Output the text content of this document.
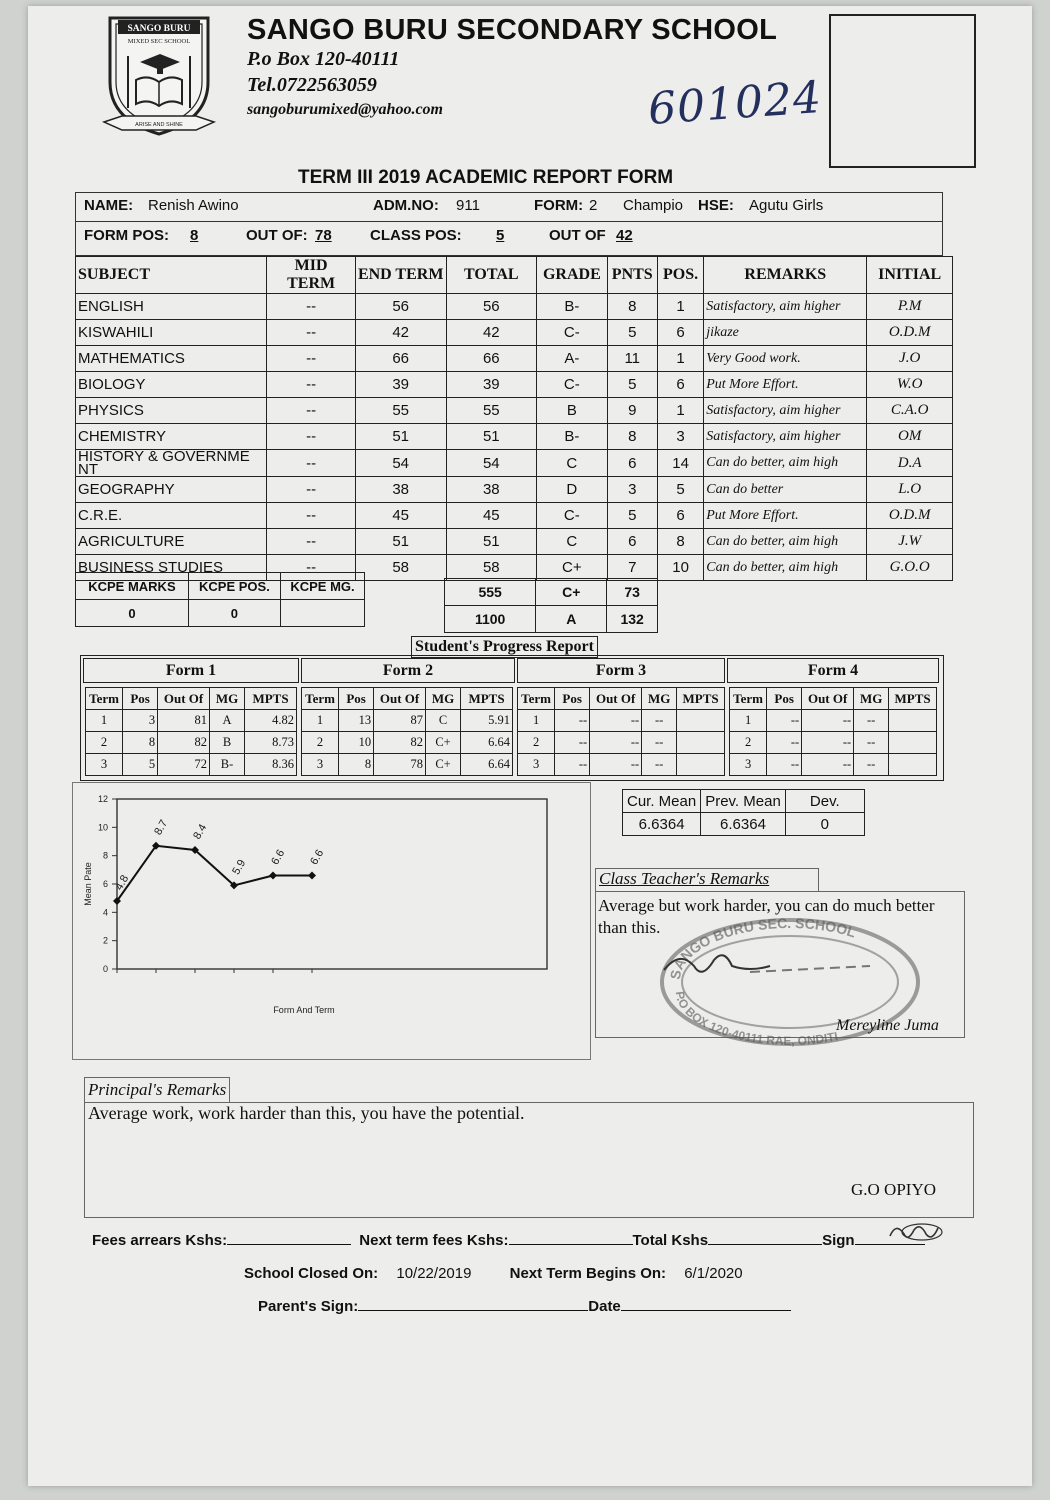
SANGO BURU
MIXED SEC SCHOOL
ARISE AND SHINE
SANGO BURU SECONDARY SCHOOL
P.o Box 120-40111
Tel.0722563059
sangoburumixed@yahoo.com	601024
TERM III 2019 ACADEMIC REPORT FORM
NAME: Renish Awino	ADM.NO: 911	FORM: 2 Champio HSE: Agutu Girls
FORM POS: 8	OUT OF: 78	CLASS POS: 5	OUT OF 42
SUBJECT	MID TERM	END TERM	TOTAL	GRADE	PNTS	POS.	REMARKS	INITIAL
ENGLISH	--	56	56	B-	8	1	Satisfactory, aim higher	P.M
KISWAHILI	--	42	42	C-	5	6	jikaze	O.D.M
MATHEMATICS	--	66	66	A-	11	1	Very Good work.	J.O
BIOLOGY	--	39	39	C-	5	6	Put More Effort.	W.O
PHYSICS	--	55	55	B	9	1	Satisfactory, aim higher	C.A.O
CHEMISTRY	--	51	51	B-	8	3	Satisfactory, aim higher	OM
HISTORY & GOVERNME NT	--	54	54	C	6	14	Can do better, aim high	D.A
GEOGRAPHY	--	38	38	D	3	5	Can do better	L.O
C.R.E.	--	45	45	C-	5	6	Put More Effort.	O.D.M
AGRICULTURE	--	51	51	C	6	8	Can do better, aim high	J.W
BUSINESS STUDIES	--	58	58	C+	7	10	Can do better, aim high	G.O.O
KCPE MARKS	KCPE POS.	KCPE MG.
0	0	
555	C+	73
1100	A	132
Student's Progress Report
Form 1	Form 2	Form 3	Form 4
Term	Pos	Out Of	MG	MPTS
1	3	81	A	4.82
2	8	82	B	8.73
3	5	72	B-	8.36
Term	Pos	Out Of	MG	MPTS
1	13	87	C	5.91
2	10	82	C+	6.64
3	8	78	C+	6.64
Term	Pos	Out Of	MG	MPTS
1	--	--	--	
2	--	--	--	
3	--	--	--	
Term	Pos	Out Of	MG	MPTS
1	--	--	--	
2	--	--	--	
3	--	--	--	
0
2
4
6
8
10
12
4.8
8.7 8.4
5.9
6.6 6.6
Form And Term
Mean Pate
Cur. Mean	Prev. Mean	Dev.
6.6364	6.6364	0
Class Teacher's Remarks
SANGO BURU SEC. SCHOOL
P.O BOX 120-40111 RAE, ONDITI
Average but work harder, you can do much better than this.
Mereyline Juma
Principal's Remarks
Average work, work harder than this, you have the potential.
G.O OPIYO
Fees arrears Kshs:	Next term fees Kshs:	Total Kshs	Sign
School Closed On: 10/22/2019	Next Term Begins On: 6/1/2020
Parent's Sign:	Date
